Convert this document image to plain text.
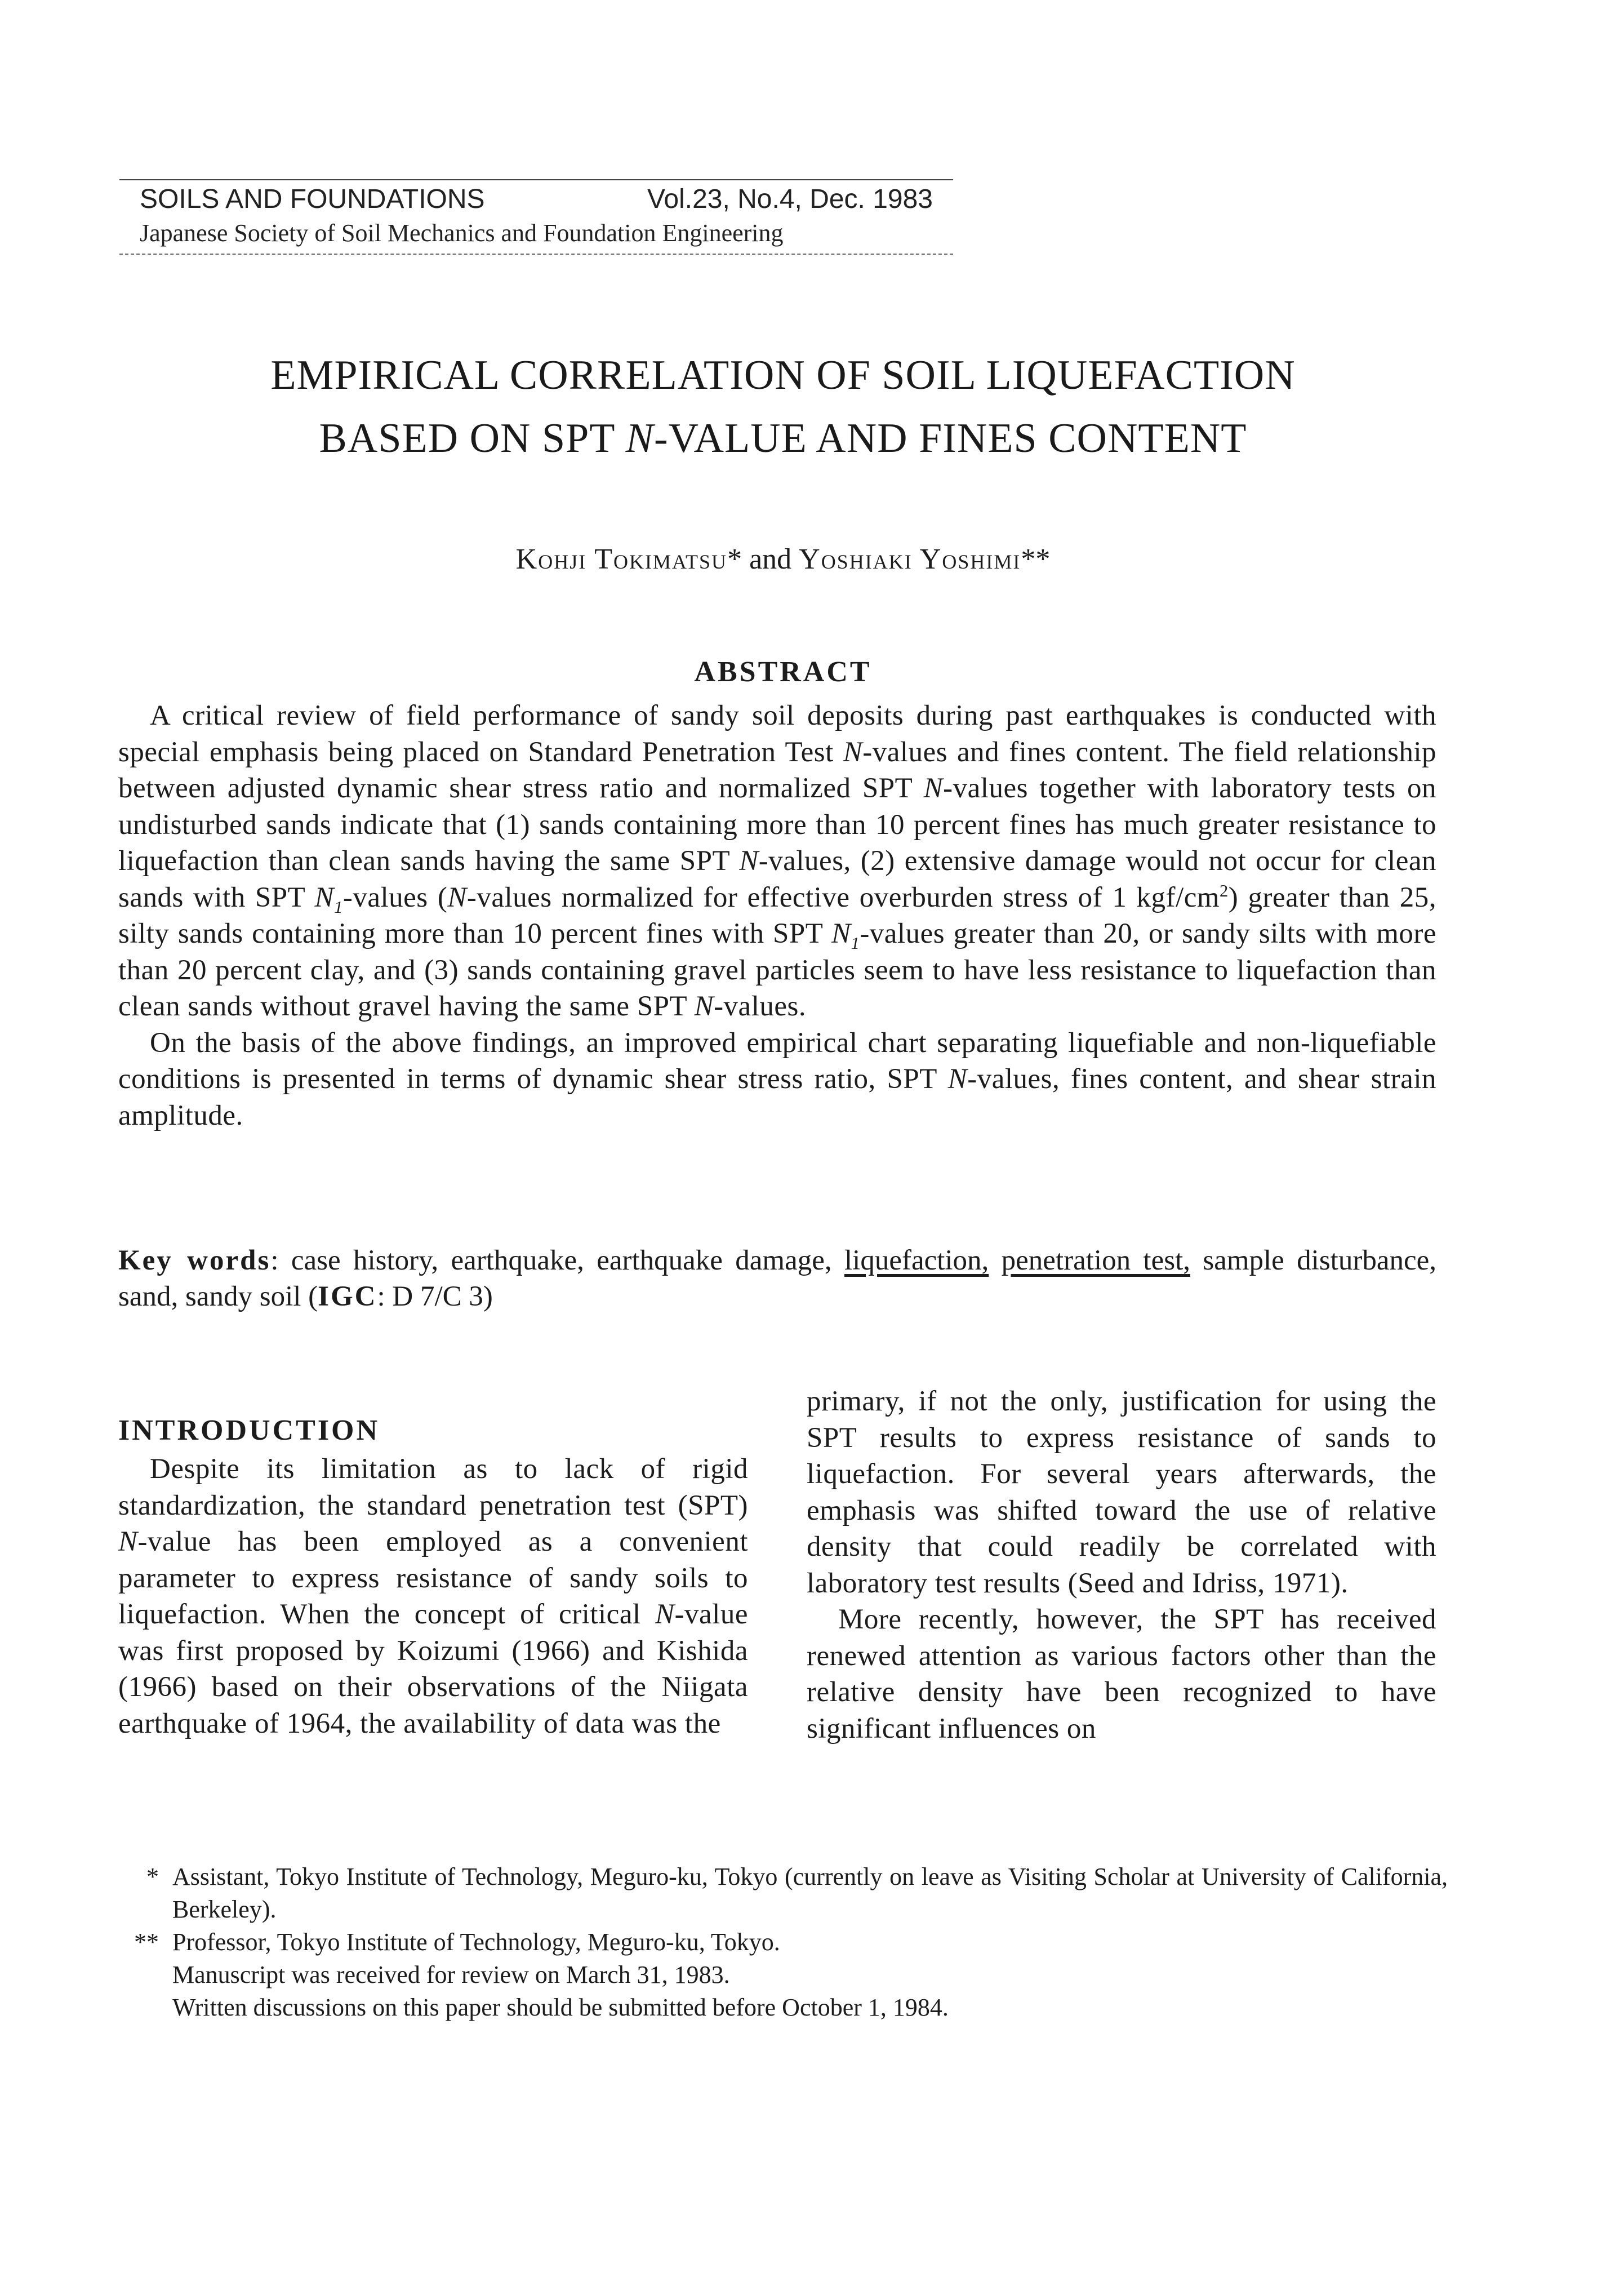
SOILS AND FOUNDATIONS	Vol.23, No.4, Dec. 1983
Japanese Society of Soil Mechanics and Foundation Engineering
EMPIRICAL CORRELATION OF SOIL LIQUEFACTION
BASED ON SPT N-VALUE AND FINES CONTENT
Kohji Tokimatsu* and Yoshiaki Yoshimi**
ABSTRACT

A critical review of field performance of sandy soil deposits during past earthquakes is conducted with special emphasis being placed on Standard Penetration Test N-values and fines content. The field relationship between adjusted dynamic shear stress ratio and normalized SPT N-values together with laboratory tests on undisturbed sands indicate that (1) sands containing more than 10 percent fines has much greater resistance to liquefaction than clean sands having the same SPT N-values, (2) extensive damage would not occur for clean sands with SPT $N_1$-values (N-values normalized for effective overburden stress of 1 kgf/$cm^2$) greater than 25, silty sands containing more than 10 percent fines with SPT $N_1$-values greater than 20, or sandy silts with more than 20 percent clay, and (3) sands containing gravel particles seem to have less resistance to liquefaction than clean sands without gravel having the same SPT N-values.

On the basis of the above findings, an improved empirical chart separating liquefiable and non-liquefiable conditions is presented in terms of dynamic shear stress ratio, SPT N-values, fines content, and shear strain amplitude.

Key words: case history, earthquake, earthquake damage, liquefaction, penetration test, sample disturbance, sand, sandy soil (IGC: D 7/C 3)
INTRODUCTION

Despite its limitation as to lack of rigid standardization, the standard penetration test (SPT) N-value has been employed as a convenient parameter to express resistance of sandy soils to liquefaction. When the concept of critical N-value was first proposed by Koizumi (1966) and Kishida (1966) based on their observations of the Niigata earthquake of 1964, the availability of data was the

primary, if not the only, justification for using the SPT results to express resistance of sands to liquefaction. For several years afterwards, the emphasis was shifted toward the use of relative density that could readily be correlated with laboratory test results (Seed and Idriss, 1971).

More recently, however, the SPT has received renewed attention as various factors other than the relative density have been recognized to have significant influences on

* Assistant, Tokyo Institute of Technology, Meguro-ku, Tokyo (currently on leave as Visiting Scholar at University of California, Berkeley).
** Professor, Tokyo Institute of Technology, Meguro-ku, Tokyo.
Manuscript was received for review on March 31, 1983.
Written discussions on this paper should be submitted before October 1, 1984.
